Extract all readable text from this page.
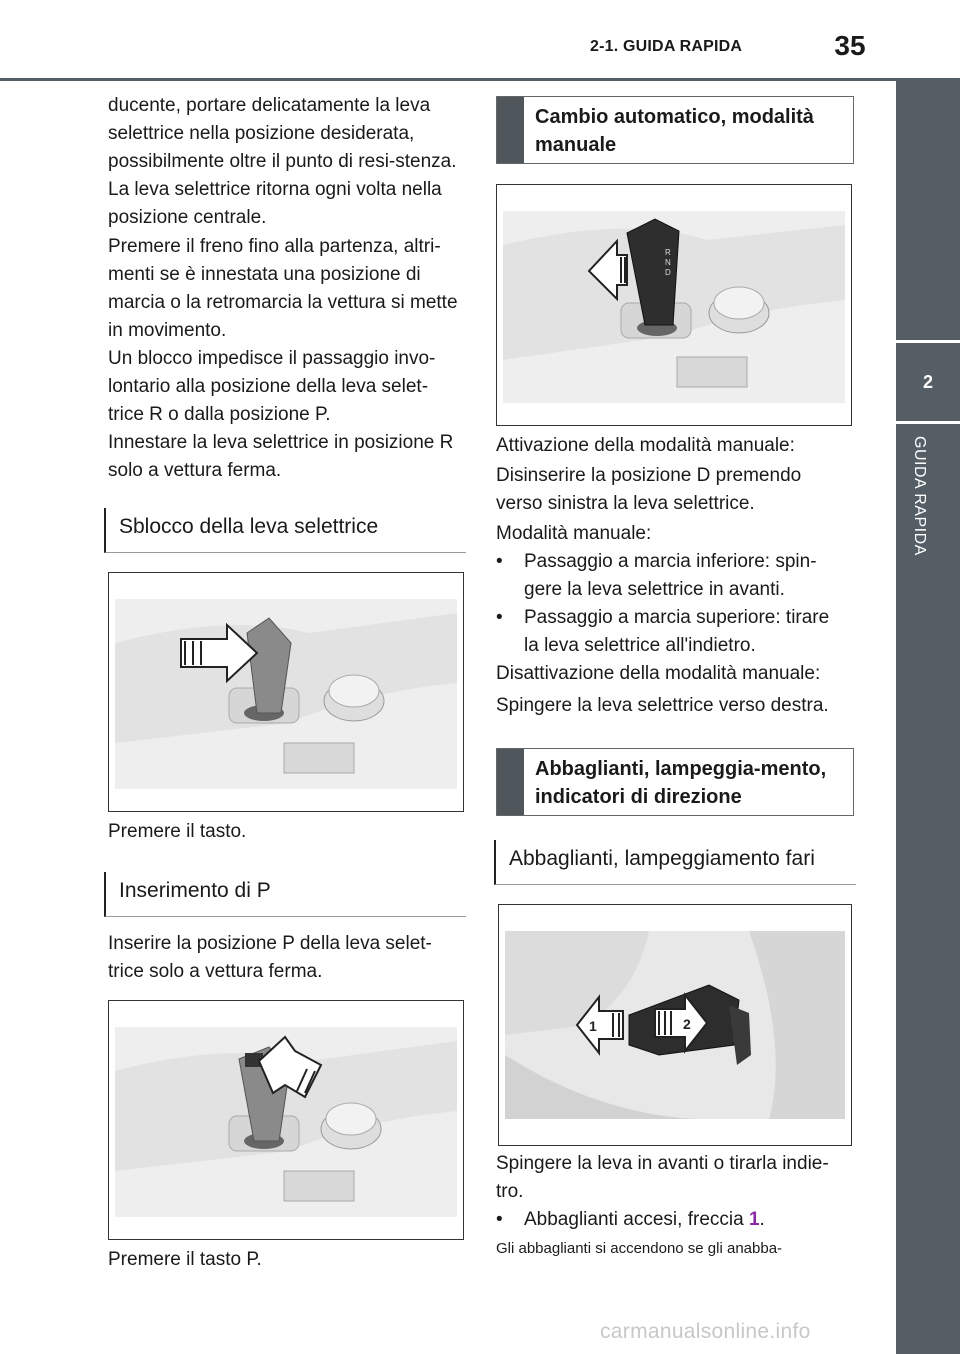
2-1. GUIDA RAPIDA	35
2
GUIDA RAPIDA

ducente, portare delicatamente la leva selettrice nella posizione desiderata, possibilmente oltre il punto di resi-stenza. La leva selettrice ritorna ogni volta nella posizione centrale.

Premere il freno fino alla partenza, altri-menti se è innestata una posizione di marcia o la retromarcia la vettura si mette in movimento.

Un blocco impedisce il passaggio invo-lontario alla posizione della leva selet-trice R o dalla posizione P.

Innestare la leva selettrice in posizione R solo a vettura ferma.

Sblocco della leva selettrice
Premere il tasto.
Inserimento di P

Inserire la posizione P della leva selet-trice solo a vettura ferma.

Premere il tasto P.
Cambio automatico, modalità manuale
R
N
D

Attivazione della modalità manuale:

Disinserire la posizione D premendo verso sinistra la leva selettrice.

Modalità manuale:

• Passaggio a marcia inferiore: spin-gere la leva selettrice in avanti.
• Passaggio a marcia superiore: tirare la leva selettrice all'indietro.

Disattivazione della modalità manuale:

Spingere la leva selettrice verso destra.

Abbaglianti, lampeggia-mento, indicatori di direzione
Abbaglianti, lampeggiamento fari
1	2

Spingere la leva in avanti o tirarla indie-tro.

• Abbaglianti accesi, freccia 1.
Gli abbaglianti si accendono se gli anabba-
carmanualsonline.info
